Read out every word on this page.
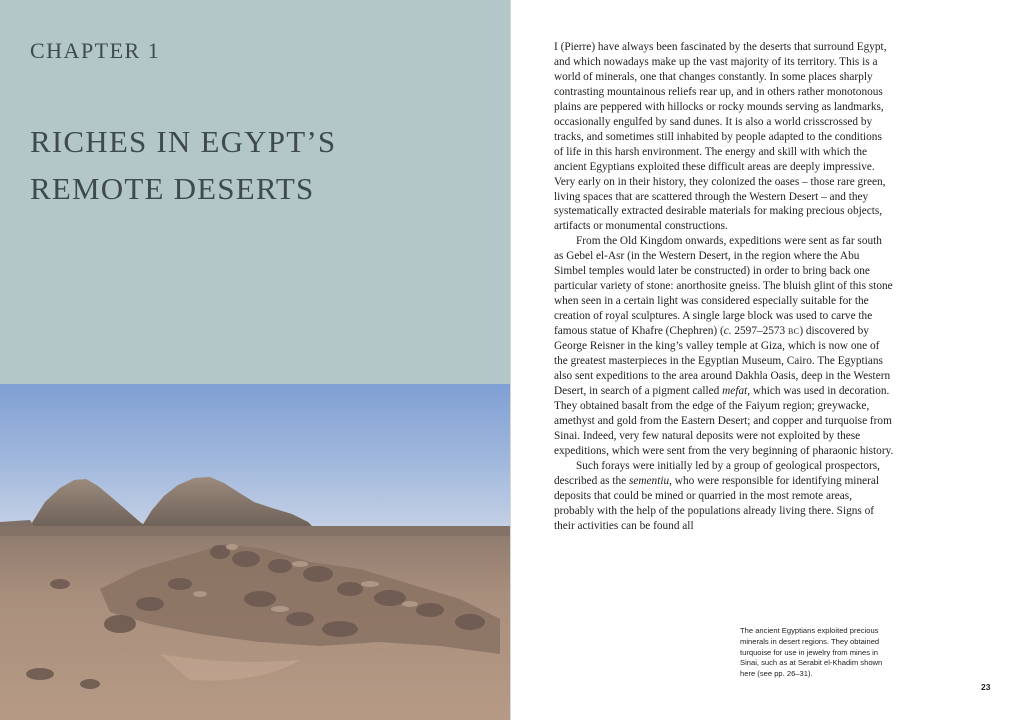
CHAPTER 1
RICHES IN EGYPT’S
REMOTE DESERTS

I (Pierre) have always been fascinated by the deserts that surround Egypt, and which nowadays make up the vast majority of its territory. This is a world of minerals, one that changes constantly. In some places sharply contrasting mountainous reliefs rear up, and in others rather monotonous plains are peppered with hillocks or rocky mounds serving as landmarks, occasionally engulfed by sand dunes. It is also a world crisscrossed by tracks, and sometimes still inhabited by people adapted to the conditions of life in this harsh environment. The energy and skill with which the ancient Egyptians exploited these difficult areas are deeply impressive. Very early on in their history, they colonized the oases – those rare green, living spaces that are scattered through the Western Desert – and they systematically extracted desirable materials for making precious objects, artifacts or monumental constructions.

From the Old Kingdom onwards, expeditions were sent as far south as Gebel el-Asr (in the Western Desert, in the region where the Abu Simbel temples would later be constructed) in order to bring back one particular variety of stone: anorthosite gneiss. The bluish glint of this stone when seen in a certain light was considered especially suitable for the creation of royal sculptures. A single large block was used to carve the famous statue of Khafre (Chephren) (c. 2597–2573 bc) discovered by George Reisner in the king’s valley temple at Giza, which is now one of the greatest masterpieces in the Egyptian Museum, Cairo. The Egyptians also sent expeditions to the area around Dakhla Oasis, deep in the Western Desert, in search of a pigment called mefat, which was used in decoration. They obtained basalt from the edge of the Faiyum region; greywacke, amethyst and gold from the Eastern Desert; and copper and turquoise from Sinai. Indeed, very few natural deposits were not exploited by these expeditions, which were sent from the very beginning of pharaonic history.

Such forays were initially led by a group of geological prospectors, described as the sementiu, who were responsible for identifying mineral deposits that could be mined or quarried in the most remote areas, probably with the help of the populations already living there. Signs of their activities can be found all

The ancient Egyptians exploited precious minerals in desert regions. They obtained turquoise for use in jewelry from mines in Sinai, such as at Serabit el-Khadim shown here (see pp. 26–31).

23
